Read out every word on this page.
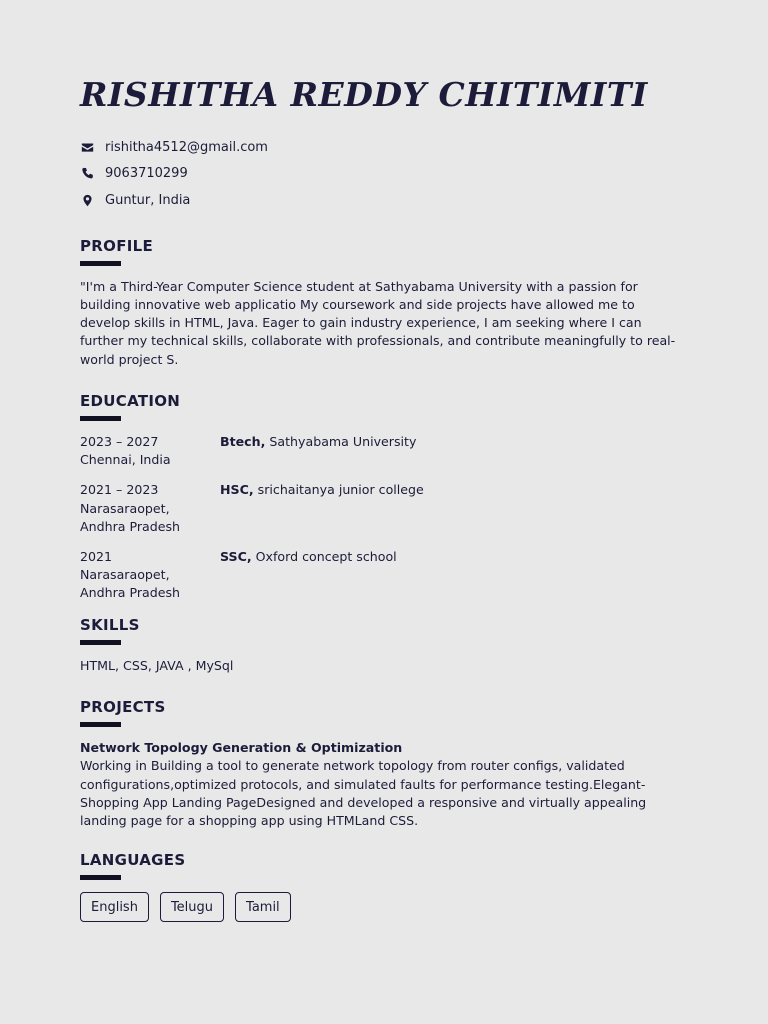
RISHITHA REDDY CHITIMITI
rishitha4512@gmail.com
9063710299
Guntur, India
PROFILE

"I'm a Third-Year Computer Science student at Sathyabama University with a passion for building innovative web applicatio My coursework and side projects have allowed me to develop skills in HTML, Java. Eager to gain industry experience, I am seeking where I can further my technical skills, collaborate with professionals, and contribute meaningfully to real-world project S.

EDUCATION
2023 – 2027
Chennai, India
Btech, Sathyabama University
2021 – 2023
Narasaraopet, Andhra Pradesh
HSC, srichaitanya junior college
2021
Narasaraopet, Andhra Pradesh
SSC, Oxford concept school
SKILLS

HTML, CSS, JAVA , MySql

PROJECTS
Network Topology Generation & Optimization

Working in Building a tool to generate network topology from router configs, validated configurations,optimized protocols, and simulated faults for performance testing.Elegant- Shopping App Landing PageDesigned and developed a responsive and virtually appealing landing page for a shopping app using HTMLand CSS.

LANGUAGES
English	Telugu	Tamil
